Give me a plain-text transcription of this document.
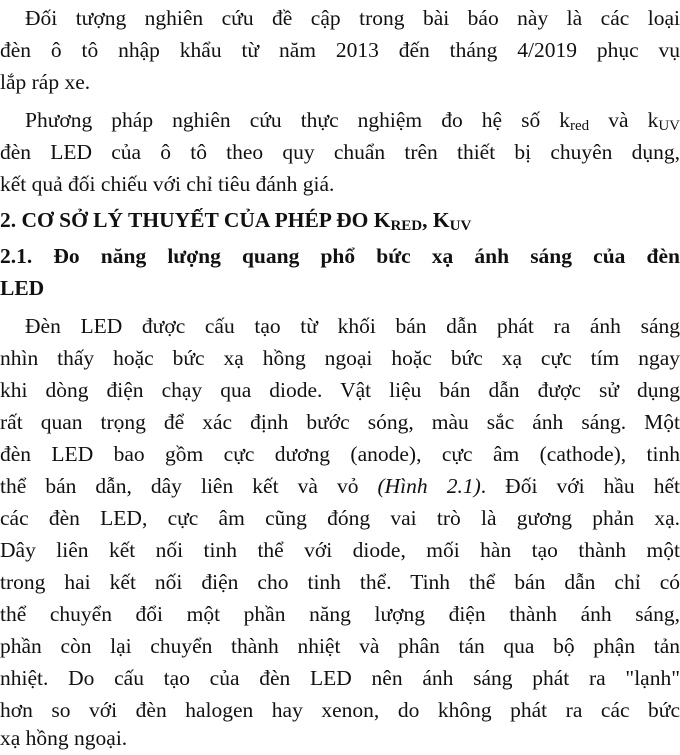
Đối tượng nghiên cứu đề cập trong bài báo này là các loại
đèn ô tô nhập khẩu từ năm 2013 đến tháng 4/2019 phục vụ
lắp ráp xe.
Phương pháp nghiên cứu thực nghiệm đo hệ số $k_{red}$ và $k_{UV}$
đèn LED của ô tô theo quy chuẩn trên thiết bị chuyên dụng,
kết quả đối chiếu với chỉ tiêu đánh giá.
2. CƠ SỞ LÝ THUYẾT CỦA PHÉP ĐO KRED, KUV
2.1. Đo năng lượng quang phổ bức xạ ánh sáng của đèn
LED
Đèn LED được cấu tạo từ khối bán dẫn phát ra ánh sáng
nhìn thấy hoặc bức xạ hồng ngoại hoặc bức xạ cực tím ngay
khi dòng điện chạy qua diode. Vật liệu bán dẫn được sử dụng
rất quan trọng để xác định bước sóng, màu sắc ánh sáng. Một
đèn LED bao gồm cực dương (anode), cực âm (cathode), tinh
thể bán dẫn, dây liên kết và vỏ (Hình 2.1). Đối với hầu hết
các đèn LED, cực âm cũng đóng vai trò là gương phản xạ.
Dây liên kết nối tinh thể với diode, mối hàn tạo thành một
trong hai kết nối điện cho tinh thể. Tinh thể bán dẫn chỉ có
thể chuyển đổi một phần năng lượng điện thành ánh sáng,
phần còn lại chuyển thành nhiệt và phân tán qua bộ phận tản
nhiệt. Do cấu tạo của đèn LED nên ánh sáng phát ra "lạnh"
hơn so với đèn halogen hay xenon, do không phát ra các bức
xạ hồng ngoại.
